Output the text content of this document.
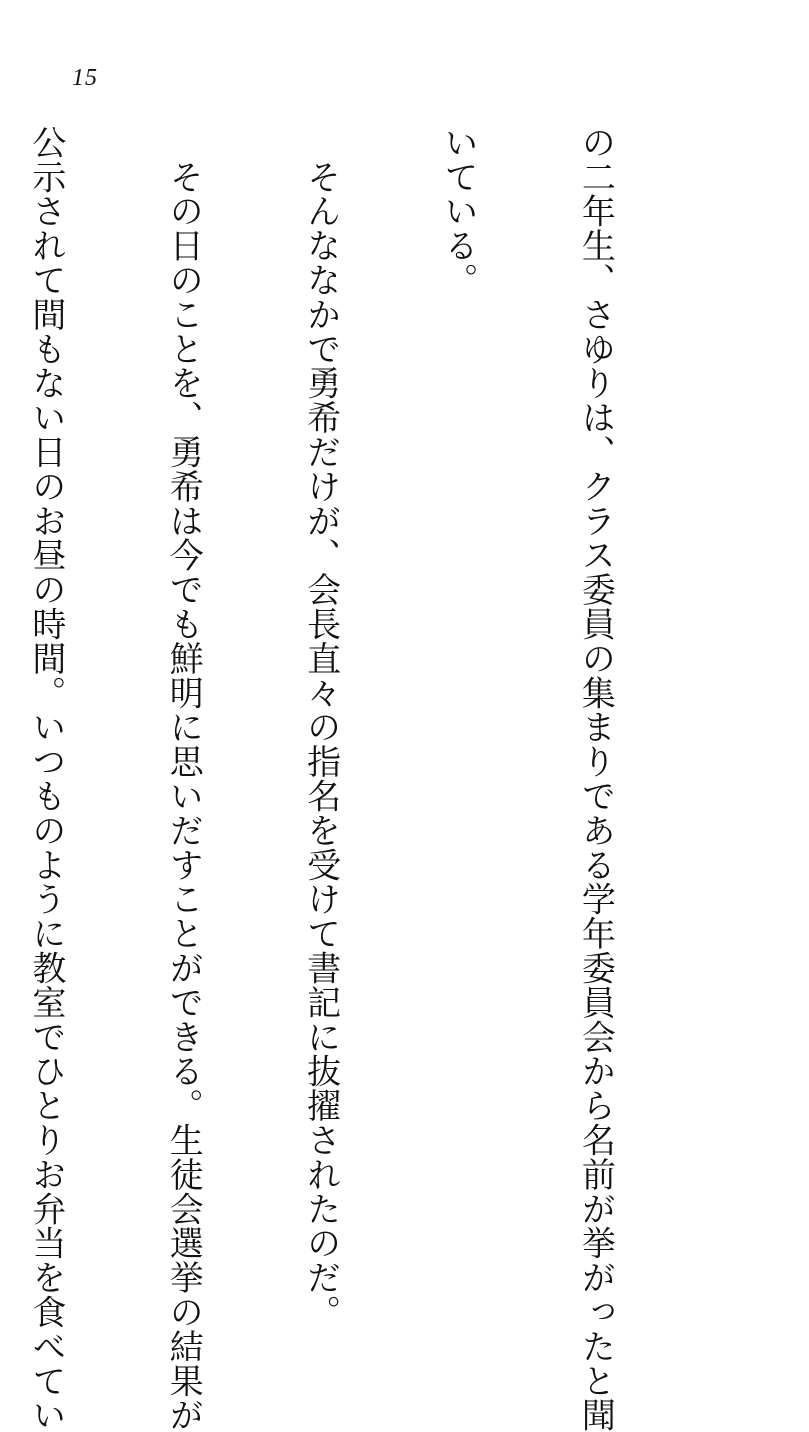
15

の二年生、さゆりは、クラス委員の集まりである学年委員会から名前が挙がったと聞

いている。

　そんななかで勇希だけが、会長直々の指名を受けて書記に抜擢されたのだ。

　その日のことを、勇希は今でも鮮明に思いだすことができる。生徒会選挙の結果が

公示されて間もない日のお昼の時間。いつものように教室でひとりお弁当を食べてい
